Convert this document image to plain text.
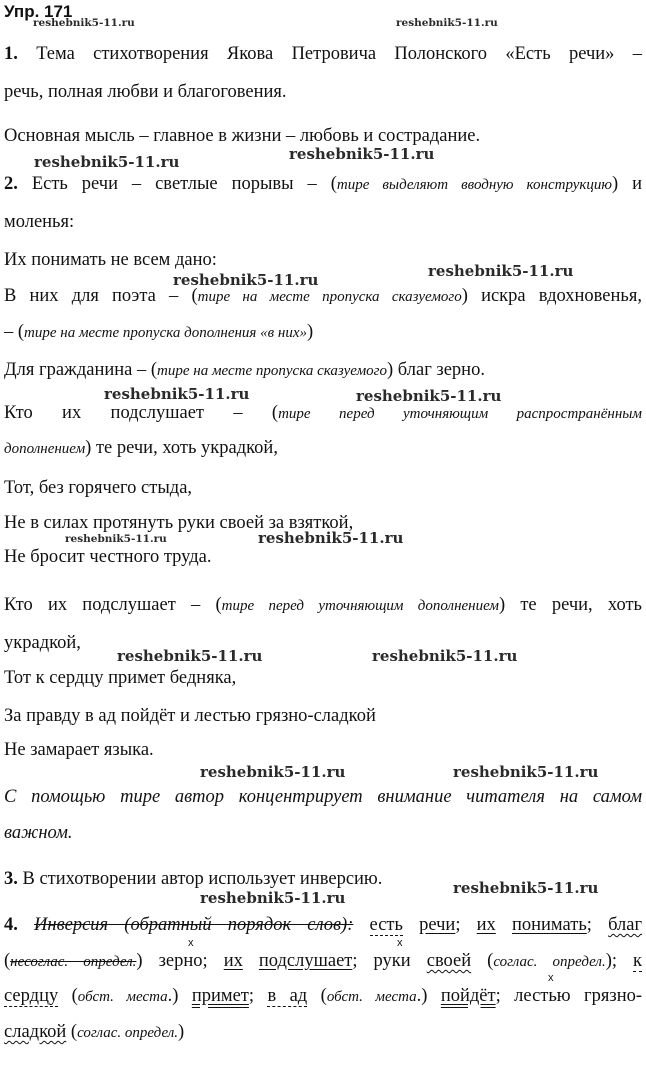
Упр. 171
reshebnik5-11.ru	reshebnik5-11.ru
reshebnik5-11.ru	reshebnik5-11.ru
reshebnik5-11.ru	reshebnik5-11.ru
reshebnik5-11.ru	reshebnik5-11.ru
reshebnik5-11.ru	reshebnik5-11.ru
reshebnik5-11.ru	reshebnik5-11.ru
reshebnik5-11.ru	reshebnik5-11.ru
reshebnik5-11.ru
reshebnik5-11.ru
1. Тема стихотворения Якова Петровича Полонского «Есть речи» –
речь, полная любви и благоговения.
Основная мысль – главное в жизни – любовь и сострадание.
2. Есть речи – светлые порывы – (тире выделяют вводную конструкцию) и
моленья:
Их понимать не всем дано:
В них для поэта – (тире на месте пропуска сказуемого) искра вдохновенья,
– (тире на месте пропуска дополнения «в них»)
Для гражданина – (тире на месте пропуска сказуемого) благ зерно.
Кто их подслушает – (тире перед уточняющим распространённым
дополнением) те речи, хоть украдкой,
Тот, без горячего стыда,
Не в силах протянуть руки своей за взяткой,
Не бросит честного труда.
Кто их подслушает – (тире перед уточняющим дополнением) те речи, хоть
украдкой,
Тот к сердцу примет бедняка,
За правду в ад пойдёт и лестью грязно-сладкой
Не замарает языка.
С помощью тире автор концентрирует внимание читателя на самом
важном.
3. В стихотворении автор использует инверсию.
4. Инверсия (обратный порядок слов): есть речи; их понимать; благ
x	x
(несоглас. определ.) зерно; их подслушает; руки своей (соглас. определ.); к
x
сердцу (обст. места.) примет; в ад (обст. места.) пойдёт; лестью грязно-
сладкой (соглас. определ.)
